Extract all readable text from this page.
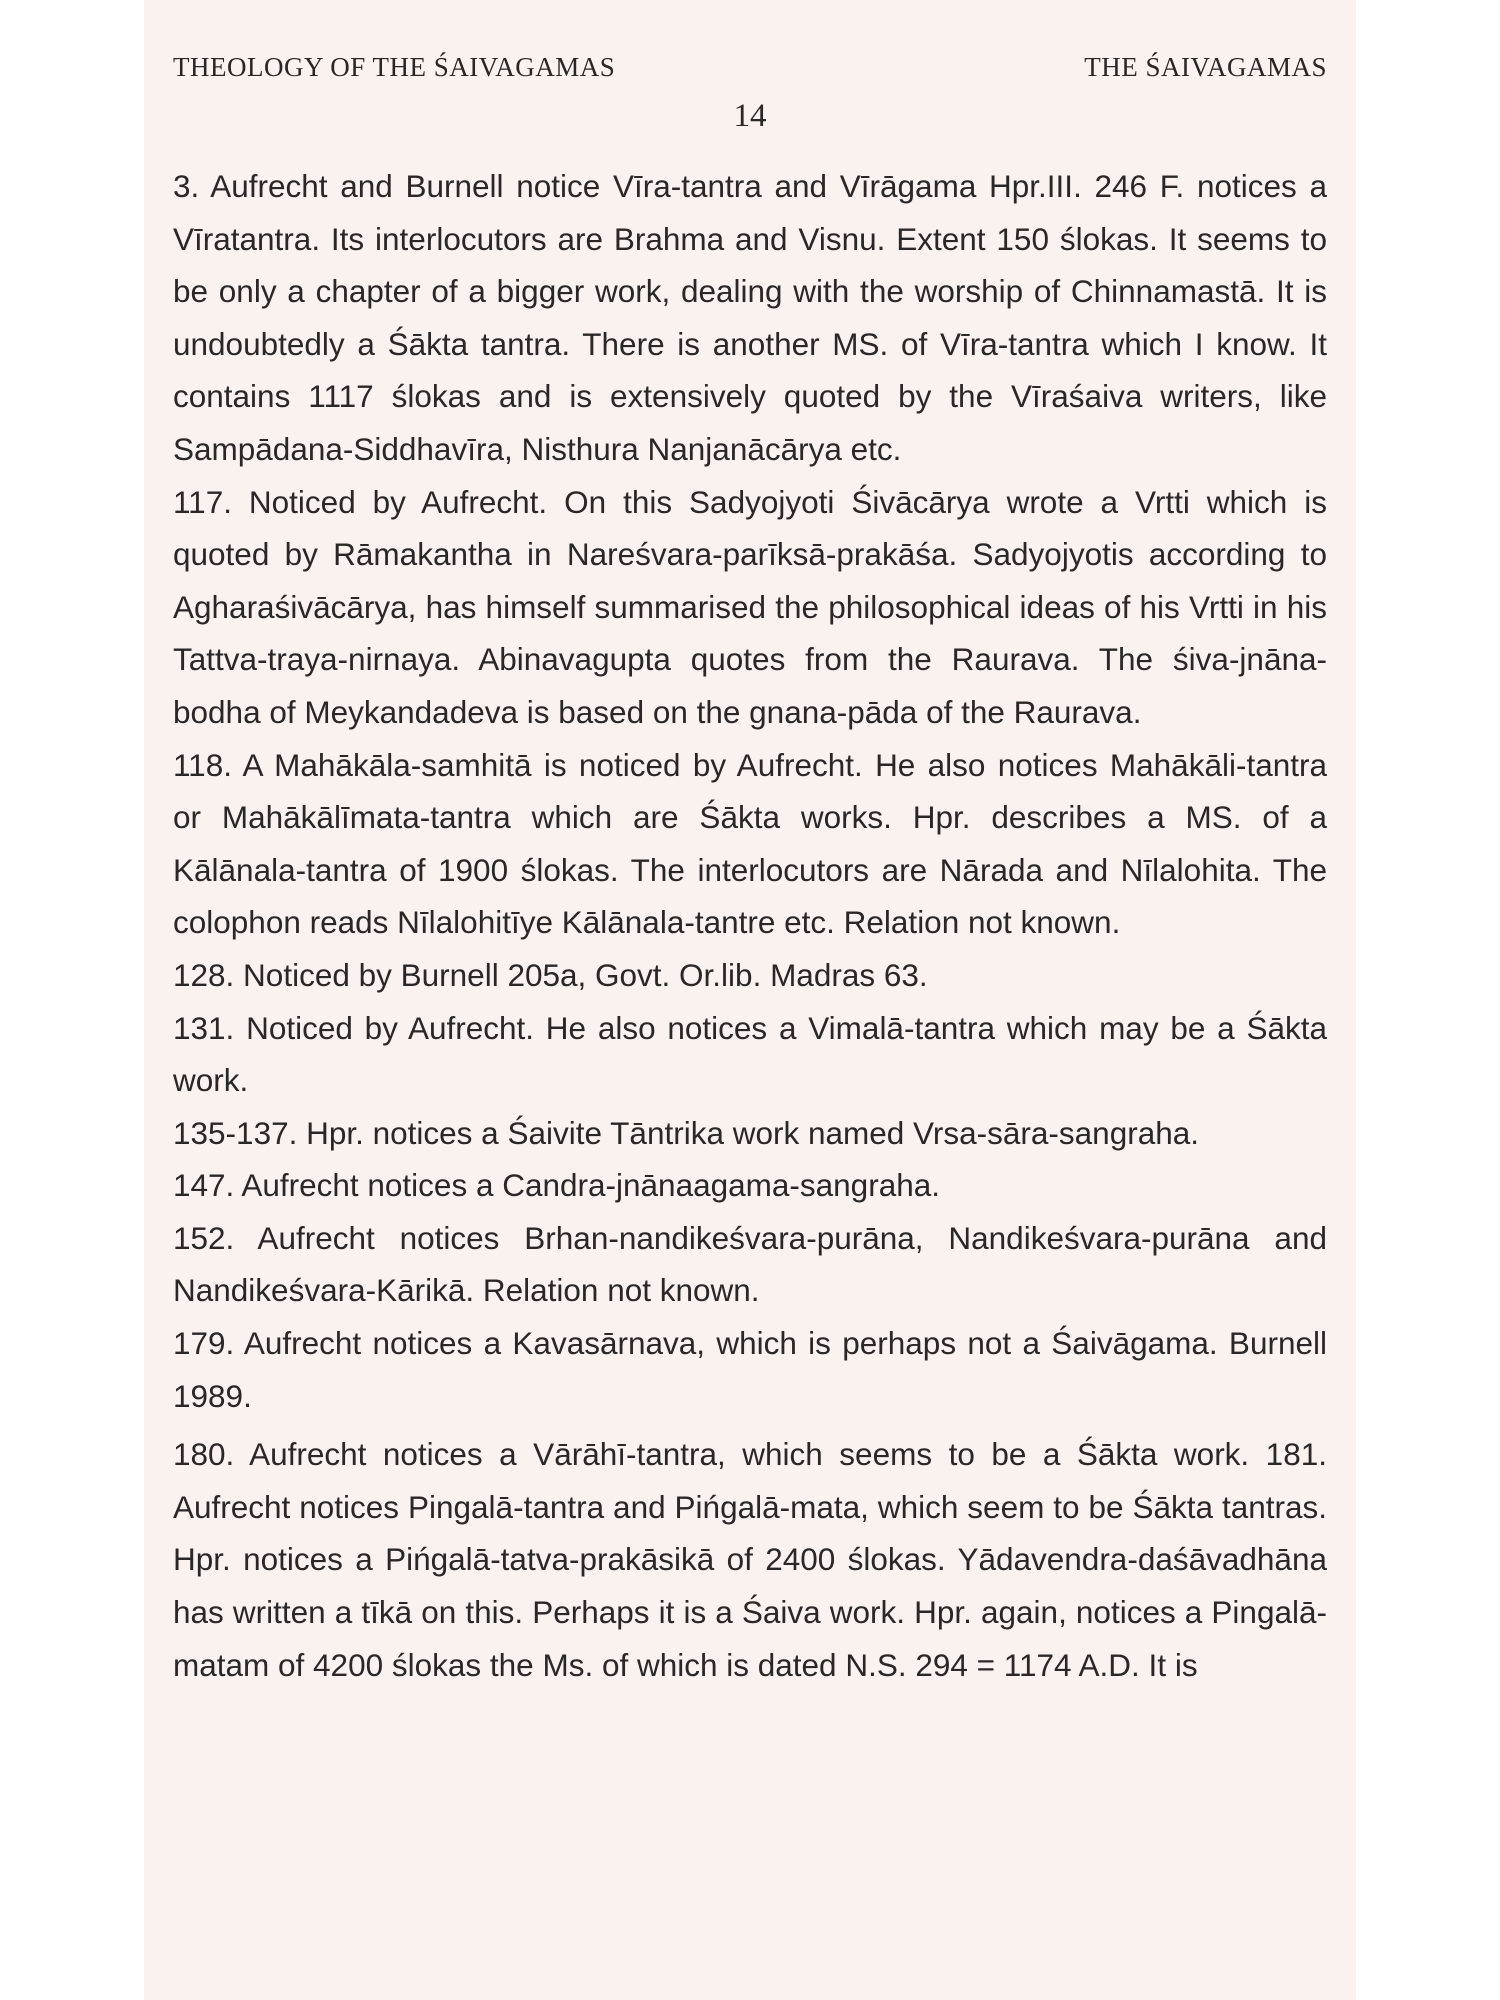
THEOLOGY OF THE ŚAIVAGAMAS	THE ŚAIVAGAMAS
14

3. Aufrecht and Burnell notice Vīra-tantra and Vīrāgama Hpr.III. 246 F. notices a Vīratantra. Its interlocutors are Brahma and Visnu. Extent 150 ślokas. It seems to be only a chapter of a bigger work, dealing with the worship of Chinnamastā. It is undoubtedly a Śākta tantra. There is another MS. of Vīra-tantra which I know. It contains 1117 ślokas and is extensively quoted by the Vīraśaiva writers, like Sampādana-Siddhavīra, Nisthura Nanjanācārya etc.

117. Noticed by Aufrecht. On this Sadyojyoti Śivācārya wrote a Vrtti which is quoted by Rāmakantha in Nareśvara-parīksā-prakāśa. Sadyojyotis according to Agharaśivācārya, has himself summarised the philosophical ideas of his Vrtti in his Tattva-traya-nirnaya. Abinavagupta quotes from the Raurava. The śiva-jnāna-bodha of Meykandadeva is based on the gnana-pāda of the Raurava.

118. A Mahākāla-samhitā is noticed by Aufrecht. He also notices Mahākāli-tantra or Mahākālīmata-tantra which are Śākta works. Hpr. describes a MS. of a Kālānala-tantra of 1900 ślokas. The interlocutors are Nārada and Nīlalohita. The colophon reads Nīlalohitīye Kālānala-tantre etc. Relation not known.

128. Noticed by Burnell 205a, Govt. Or.lib. Madras 63.

131. Noticed by Aufrecht. He also notices a Vimalā-tantra which may be a Śākta work.

135-137. Hpr. notices a Śaivite Tāntrika work named Vrsa-sāra-sangraha.

147. Aufrecht notices a Candra-jnānaagama-sangraha.

152. Aufrecht notices Brhan-nandikeśvara-purāna, Nandikeśvara-purāna and Nandikeśvara-Kārikā. Relation not known.

179. Aufrecht notices a Kavasārnava, which is perhaps not a Śaivāgama. Burnell 1989.

180. Aufrecht notices a Vārāhī-tantra, which seems to be a Śākta work. 181. Aufrecht notices Pingalā-tantra and Pińgalā-mata, which seem to be Śākta tantras. Hpr. notices a Pińgalā-tatva-prakāsikā of 2400 ślokas. Yādavendra-daśāvadhāna has written a tīkā on this. Perhaps it is a Śaiva work. Hpr. again, notices a Pingalā-matam of 4200 ślokas the Ms. of which is dated N.S. 294 = 1174 A.D. It is
